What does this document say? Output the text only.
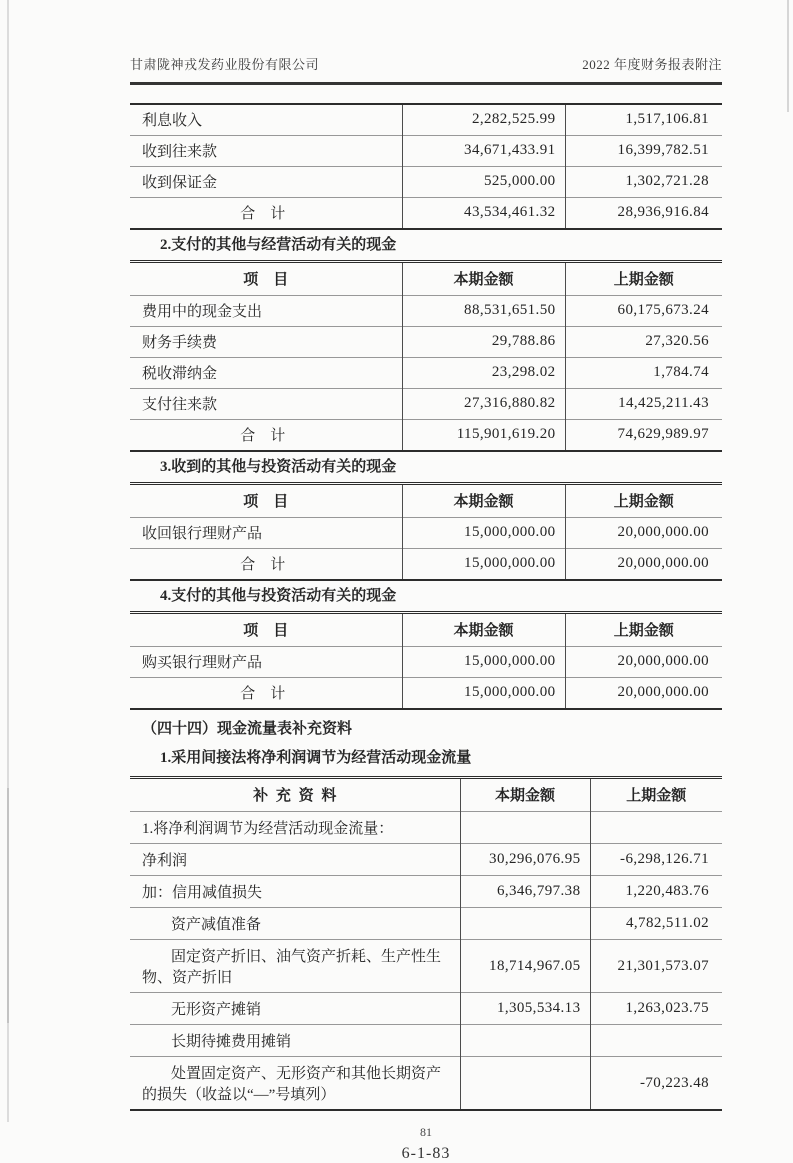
甘肃陇神戎发药业股份有限公司	2022 年度财务报表附注
利息收入	2,282,525.99	1,517,106.81
收到往来款	34,671,433.91	16,399,782.51
收到保证金	525,000.00	1,302,721.28
合　计	43,534,461.32	28,936,916.84
2.支付的其他与经营活动有关的现金
项　目	本期金额	上期金额
费用中的现金支出	88,531,651.50	60,175,673.24
财务手续费	29,788.86	27,320.56
税收滞纳金	23,298.02	1,784.74
支付往来款	27,316,880.82	14,425,211.43
合　计	115,901,619.20	74,629,989.97
3.收到的其他与投资活动有关的现金
项　目	本期金额	上期金额
收回银行理财产品	15,000,000.00	20,000,000.00
合　计	15,000,000.00	20,000,000.00
4.支付的其他与投资活动有关的现金
项　目	本期金额	上期金额
购买银行理财产品	15,000,000.00	20,000,000.00
合　计	15,000,000.00	20,000,000.00
（四十四）现金流量表补充资料
1.采用间接法将净利润调节为经营活动现金流量
补 充 资 料	本期金额	上期金额
1.将净利润调节为经营活动现金流量：		
净利润	30,296,076.95	-6,298,126.71
加：信用减值损失	6,346,797.38	1,220,483.76
资产减值准备		4,782,511.02
固定资产折旧、油气资产折耗、生产性生物、资产折旧	18,714,967.05	21,301,573.07
无形资产摊销	1,305,534.13	1,263,023.75
长期待摊费用摊销		
处置固定资产、无形资产和其他长期资产的损失（收益以“—”号填列）		-70,223.48
81
6-1-83
